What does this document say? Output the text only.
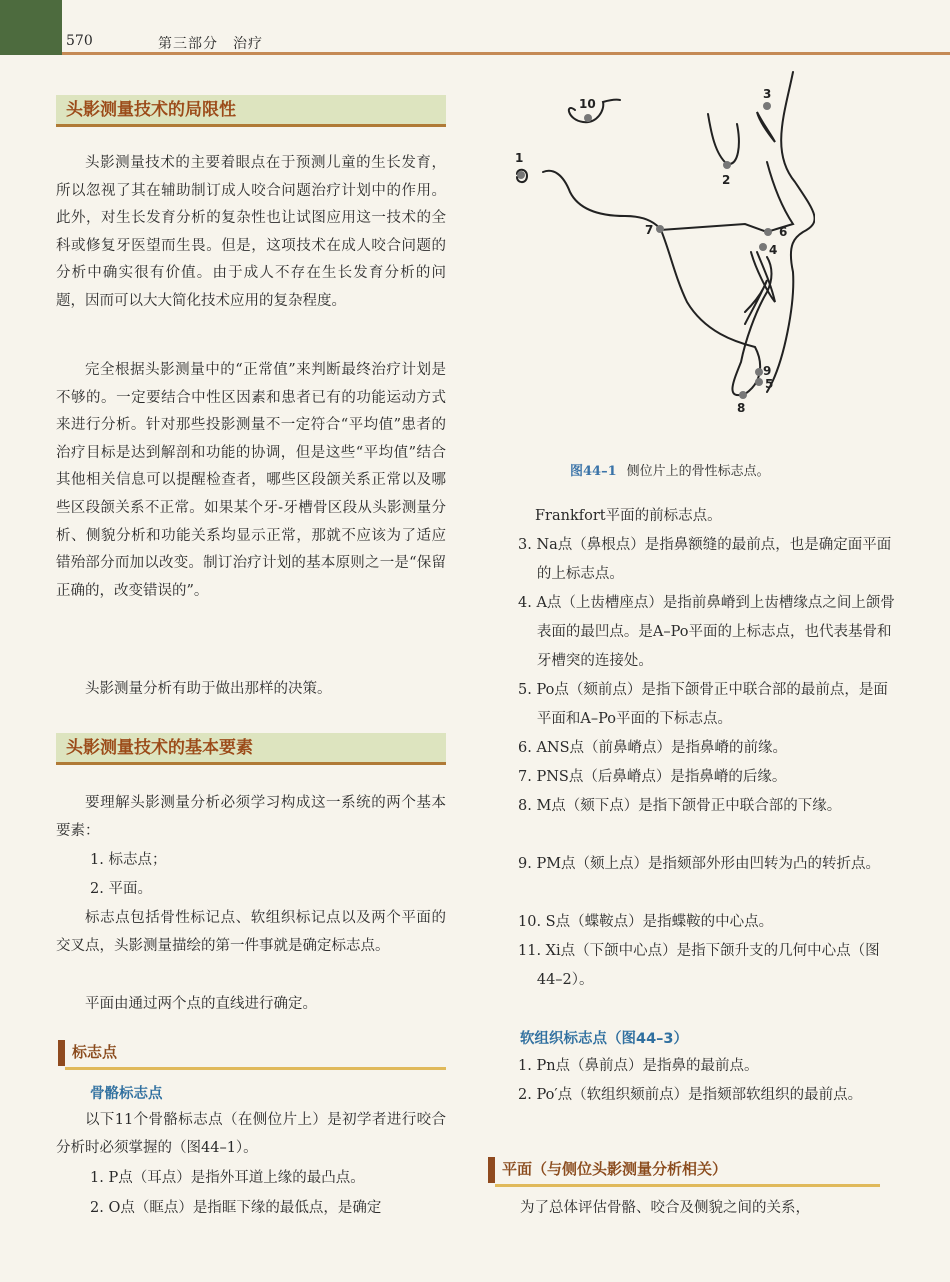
570	第三部分　治疗
头影测量技术的局限性
头影测量技术的主要着眼点在于预测儿童的生长发育，所以忽视了其在辅助制订成人咬合问题治疗计划中的作用。此外，对生长发育分析的复杂性也让试图应用这一技术的全科或修复牙医望而生畏。但是，这项技术在成人咬合问题的分析中确实很有价值。由于成人不存在生长发育分析的问题，因而可以大大简化技术应用的复杂程度。
完全根据头影测量中的“正常值”来判断最终治疗计划是不够的。一定要结合中性区因素和患者已有的功能运动方式来进行分析。针对那些投影测量不一定符合“平均值”患者的治疗目标是达到解剖和功能的协调，但是这些“平均值”结合其他相关信息可以提醒检查者，哪些区段颌关系正常以及哪些区段颌关系不正常。如果某个牙-牙槽骨区段从头影测量分析、侧貌分析和功能关系均显示正常，那就不应该为了适应错殆部分而加以改变。制订治疗计划的基本原则之一是“保留正确的，改变错误的”。
头影测量分析有助于做出那样的决策。
头影测量技术的基本要素
要理解头影测量分析必须学习构成这一系统的两个基本要素：
1. 标志点；
2. 平面。
标志点包括骨性标记点、软组织标记点以及两个平面的交叉点，头影测量描绘的第一件事就是确定标志点。
平面由通过两个点的直线进行确定。
标志点
骨骼标志点
以下11个骨骼标志点（在侧位片上）是初学者进行咬合分析时必须掌握的（图44–1）。
1. P点（耳点）是指外耳道上缘的最凸点。
2. O点（眶点）是指眶下缘的最低点，是确定
1
2
3
4
5
6
7
8
9
10
图44–1 侧位片上的骨性标志点。
Frankfort平面的前标志点。
3. Na点（鼻根点）是指鼻额缝的最前点，也是确定面平面的上标志点。
4. A点（上齿槽座点）是指前鼻嵴到上齿槽缘点之间上颌骨表面的最凹点。是A–Po平面的上标志点，也代表基骨和牙槽突的连接处。
5. Po点（颏前点）是指下颌骨正中联合部的最前点，是面平面和A–Po平面的下标志点。
6. ANS点（前鼻嵴点）是指鼻嵴的前缘。
7. PNS点（后鼻嵴点）是指鼻嵴的后缘。
8. M点（颏下点）是指下颌骨正中联合部的下缘。
9. PM点（颏上点）是指颏部外形由凹转为凸的转折点。
10. S点（蝶鞍点）是指蝶鞍的中心点。
11. Xi点（下颌中心点）是指下颌升支的几何中心点（图44–2）。
软组织标志点（图44–3）
1. Pn点（鼻前点）是指鼻的最前点。
2. Po′点（软组织颏前点）是指颏部软组织的最前点。
平面（与侧位头影测量分析相关）
为了总体评估骨骼、咬合及侧貌之间的关系，
